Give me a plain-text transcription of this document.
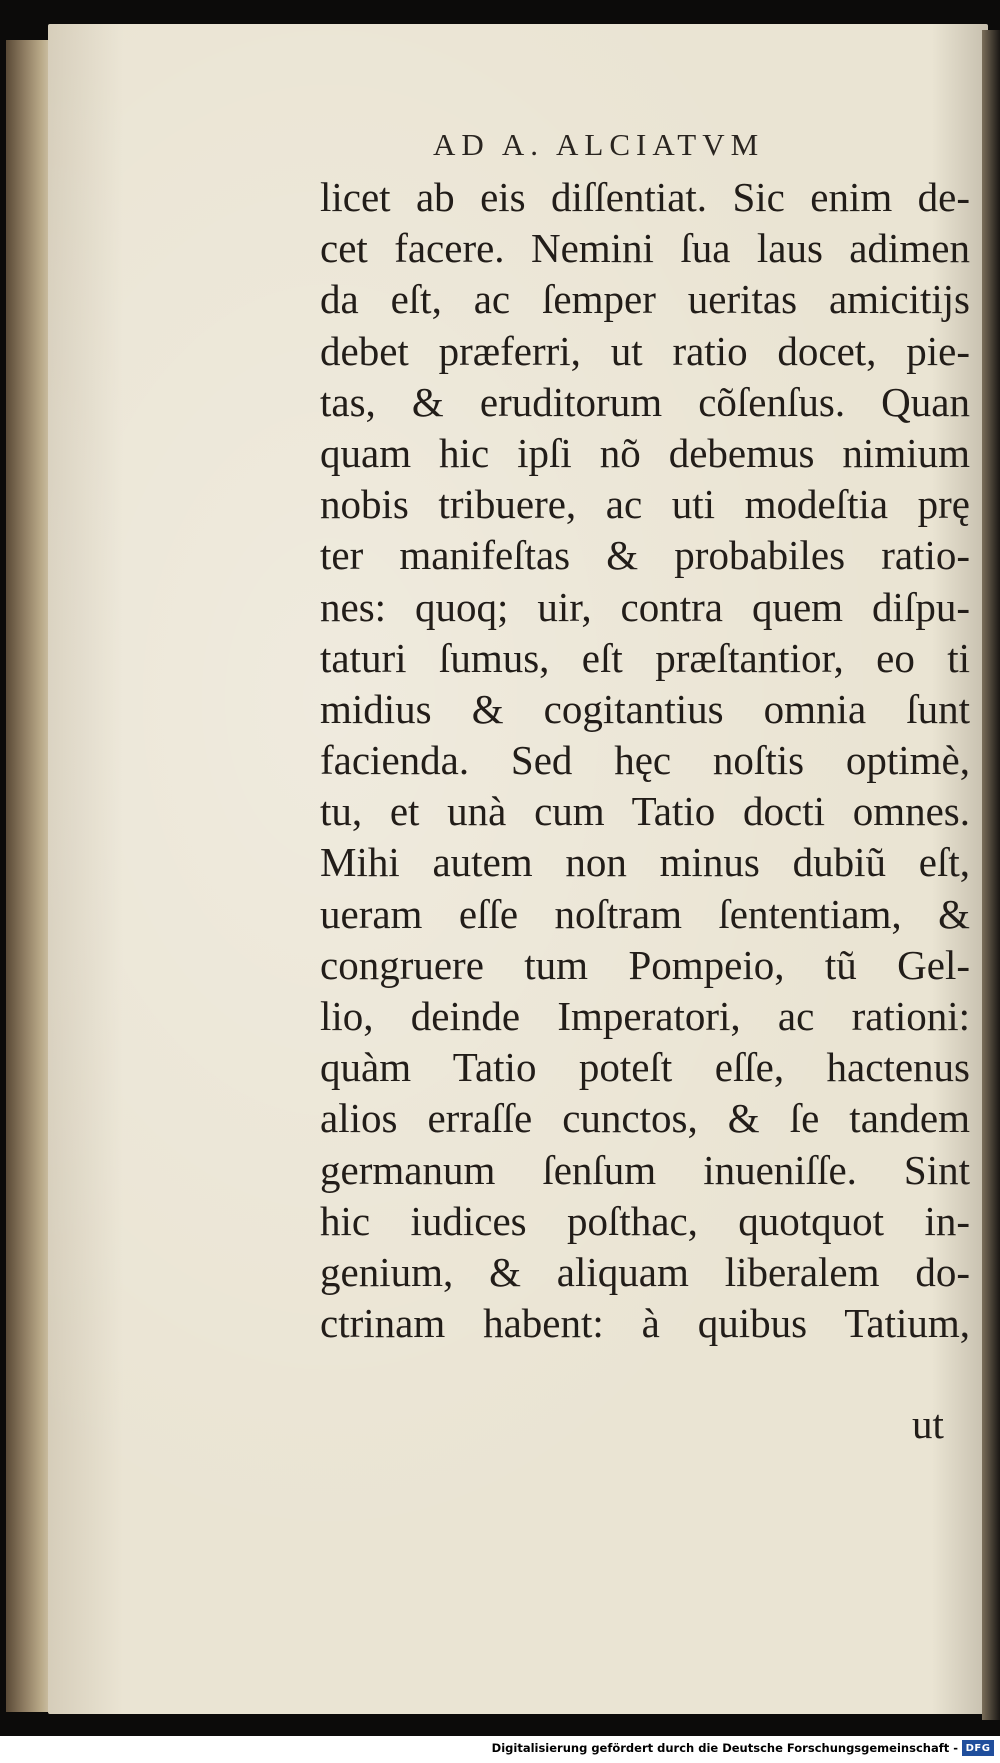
AD A. ALCIATVM
licet ab eis diſſentiat. Sic enim de-
cet facere. Nemini ſua laus adimen
da eſt, ac ſemper ueritas amicitĳs
debet præferri, ut ratio docet, pie-
tas, & eruditorum cõſenſus. Quan
quam hic ipſi nõ debemus nimium
nobis tribuere, ac uti modeſtia prę
ter manifeſtas & probabiles ratio-
nes: quoq; uir, contra quem diſpu-
taturi ſumus, eſt præſtantior, eo ti
midius & cogitantius omnia ſunt
facienda. Sed hęc noſtis optimè,
tu, et unà cum Tatio docti omnes.
Mihi autem non minus dubiũ eſt,
ueram eſſe noſtram ſententiam, &
congruere tum Pompeio, tũ Gel-
lio, deinde Imperatori, ac rationi:
quàm Tatio poteſt eſſe, hactenus
alios erraſſe cunctos, & ſe tandem
germanum ſenſum inueniſſe. Sint
hic iudices poſthac, quotquot in-
genium, & aliquam liberalem do-
ctrinam habent: à quibus Tatium,
ut
Digitalisierung gefördert durch die Deutsche Forschungsgemeinschaft - DFG
